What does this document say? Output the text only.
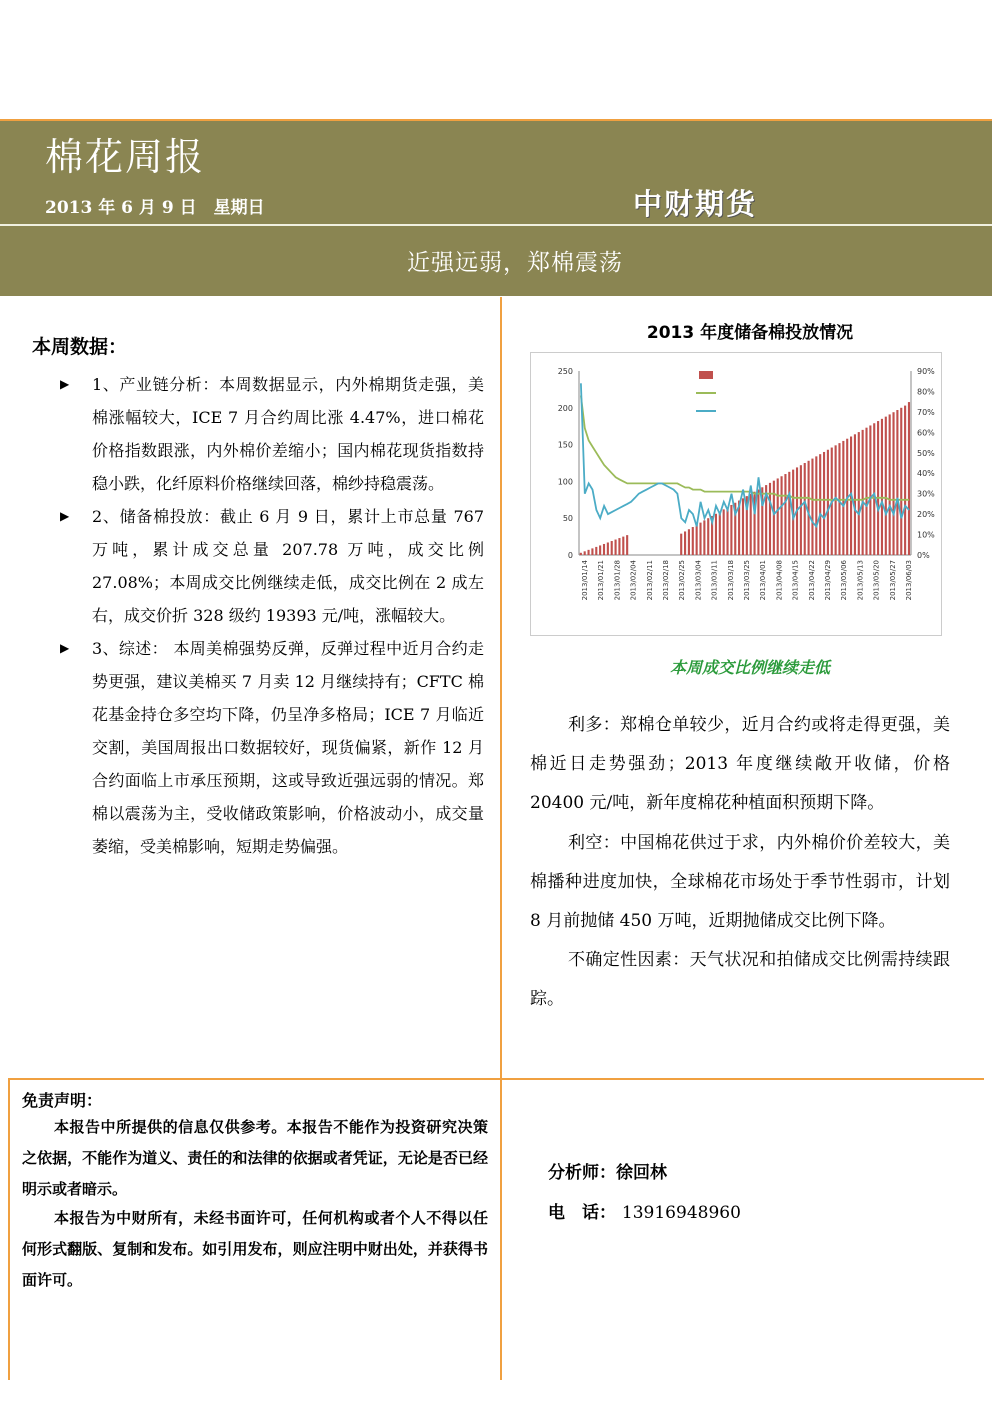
棉花周报
2013 年 6 月 9 日　星期日	中财期货
近强远弱，郑棉震荡
本周数据：
▶ 1、产业链分析：本周数据显示，内外棉期货走强，美棉涨幅较大，ICE 7 月合约周比涨 4.47%，进口棉花价格指数跟涨，内外棉价差缩小；国内棉花现货指数持稳小跌，化纤原料价格继续回落，棉纱持稳震荡。
▶ 2、储备棉投放：截止 6 月 9 日，累计上市总量 767 万吨，累计成交总量 207.78 万吨，成交比例 27.08%；本周成交比例继续走低，成交比例在 2 成左右，成交价折 328 级约 19393 元/吨，涨幅较大。
▶ 3、综述： 本周美棉强势反弹，反弹过程中近月合约走势更强，建议美棉买 7 月卖 12 月继续持有；CFTC 棉花基金持仓多空均下降，仍呈净多格局；ICE 7 月临近交割，美国周报出口数据较好，现货偏紧，新作 12 月合约面临上市承压预期，这或导致近强远弱的情况。郑棉以震荡为主，受收储政策影响，价格波动小，成交量萎缩，受美棉影响，短期走势偏强。
2013 年度储备棉投放情况
0
50
100
150
200
250
0%
10%
20%
30%
40%
50%
60%
70%
80%
90%
2013/01/14 2013/01/21 2013/01/28 2013/02/04 2013/02/11 2013/02/18 2013/02/25 2013/03/04 2013/03/11 2013/03/18 2013/03/25 2013/04/01 2013/04/08 2013/04/15 2013/04/22 2013/04/29 2013/05/06 2013/05/13 2013/05/20 2013/05/27 2013/06/03
本周成交比例继续走低

利多：郑棉仓单较少，近月合约或将走得更强，美棉近日走势强劲；2013 年度继续敞开收储，价格 20400 元/吨，新年度棉花种植面积预期下降。

利空：中国棉花供过于求，内外棉价价差较大，美棉播种进度加快，全球棉花市场处于季节性弱市，计划 8 月前抛储 450 万吨，近期抛储成交比例下降。

不确定性因素：天气状况和拍储成交比例需持续跟踪。

免责声明：

本报告中所提供的信息仅供参考。本报告不能作为投资研究决策之依据，不能作为道义、责任的和法律的依据或者凭证，无论是否已经明示或者暗示。

本报告为中财所有，未经书面许可，任何机构或者个人不得以任何形式翻版、复制和发布。如引用发布，则应注明中财出处，并获得书面许可。

分析师：徐回林
电　话： 13916948960
